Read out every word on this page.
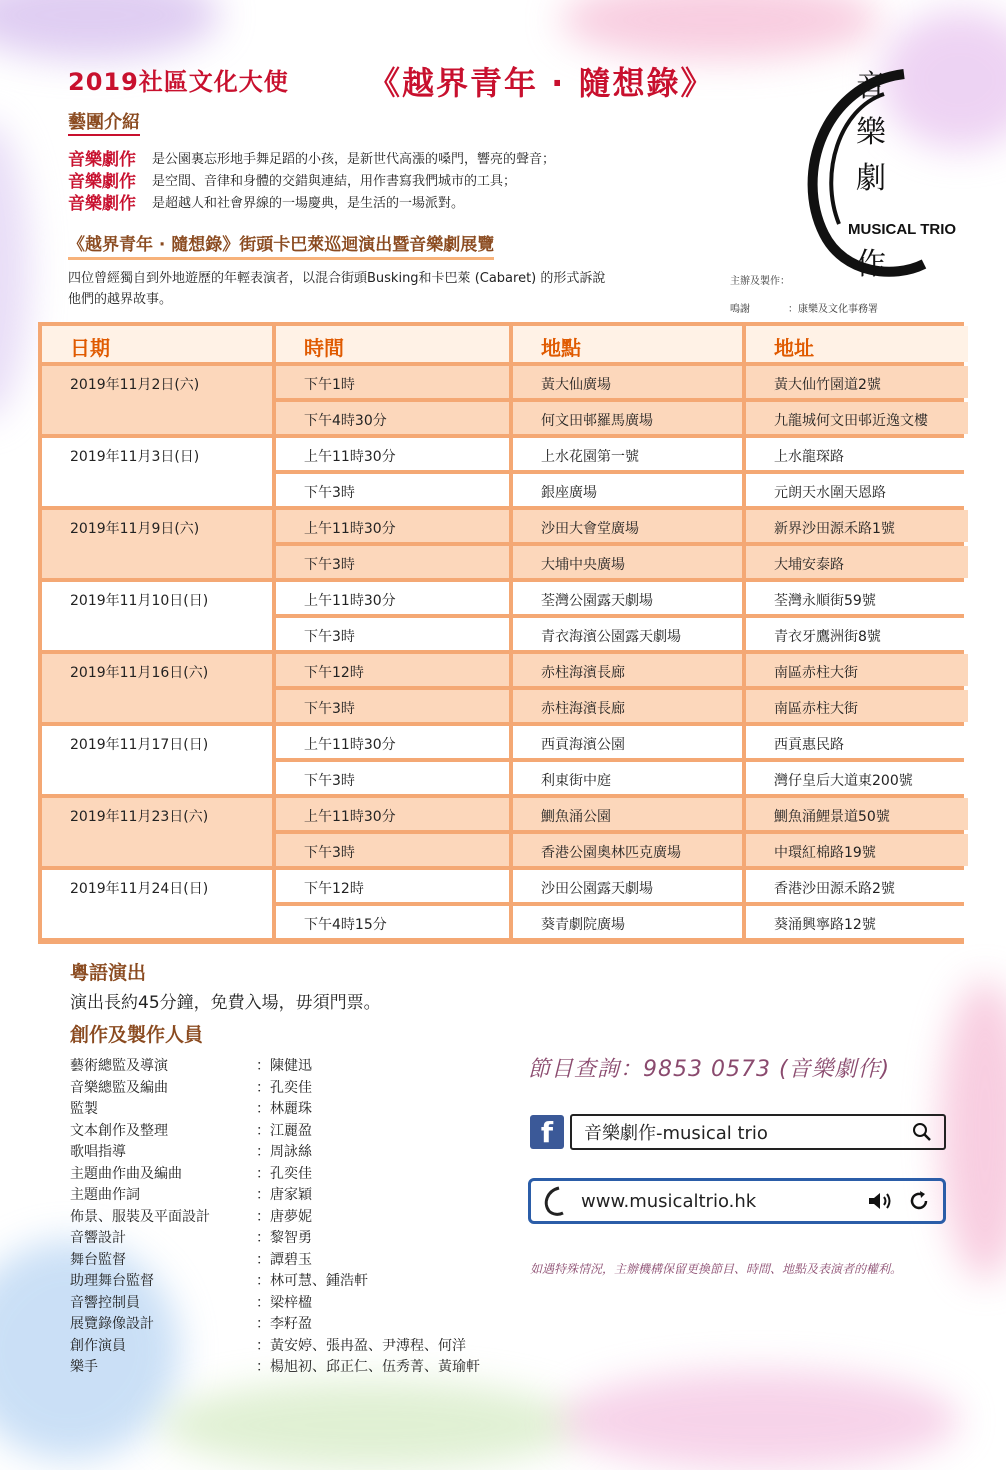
2019社區文化大使 《越界青年 · 隨想錄》	音
樂
劇
作
MUSICAL TRIO
藝團介紹
音樂劇作	是公園裏忘形地手舞足蹈的小孩，是新世代高漲的嗓門，響亮的聲音；
音樂劇作	是空間、音律和身體的交錯與連結，用作書寫我們城市的工具；
音樂劇作	是超越人和社會界線的一場慶典，是生活的一場派對。
《越界青年 · 隨想錄》街頭卡巴萊巡迴演出暨音樂劇展覽
四位曾經獨自到外地遊歷的年輕表演者，以混合街頭Busking和卡巴萊 (Cabaret) 的形式訴說他們的越界故事。
主辦及製作：
鳴謝	：康樂及文化事務署
日期	時間	地點	地址
2019年11月2日(六)	下午1時	黃大仙廣場	黃大仙竹園道2號
下午4時30分	何文田邨羅馬廣場	九龍城何文田邨近逸文樓
2019年11月3日(日)	上午11時30分	上水花園第一號	上水龍琛路
下午3時	銀座廣場	元朗天水圍天恩路
2019年11月9日(六)	上午11時30分	沙田大會堂廣場	新界沙田源禾路1號
下午3時	大埔中央廣場	大埔安泰路
2019年11月10日(日)	上午11時30分	荃灣公園露天劇場	荃灣永順街59號
下午3時	青衣海濱公園露天劇場	青衣牙鷹洲街8號
2019年11月16日(六)	下午12時	赤柱海濱長廊	南區赤柱大街
下午3時	赤柱海濱長廊	南區赤柱大街
2019年11月17日(日)	上午11時30分	西貢海濱公園	西貢惠民路
下午3時	利東街中庭	灣仔皇后大道東200號
2019年11月23日(六)	上午11時30分	鰂魚涌公園	鰂魚涌鯉景道50號
下午3時	香港公園奧林匹克廣場	中環紅棉路19號
2019年11月24日(日)	下午12時	沙田公園露天劇場	香港沙田源禾路2號
下午4時15分	葵青劇院廣場	葵涌興寧路12號
粵語演出
演出長約45分鐘，免費入場，毋須門票。
創作及製作人員
藝術總監及導演	：陳健迅
音樂總監及編曲	：孔奕佳
監製	：林麗珠
文本創作及整理	：江麗盈
歌唱指導	：周詠絲
主題曲作曲及編曲	：孔奕佳
主題曲作詞	：唐家穎
佈景、服裝及平面設計	：唐夢妮
音響設計	：黎智勇
舞台監督	：譚碧玉
助理舞台監督	：林可慧、鍾浩軒
音響控制員	：梁梓楹
展覽錄像設計	：李籽盈
創作演員	：黃安婷、張冉盈、尹溥程、何洋
樂手	：楊旭初、邱正仁、伍秀菁、黃瑜軒
節目查詢：9853 0573 (音樂劇作)
f	音樂劇作-musical trio
www.musicaltrio.hk
如遇特殊情況，主辦機構保留更換節目、時間、地點及表演者的權利。
